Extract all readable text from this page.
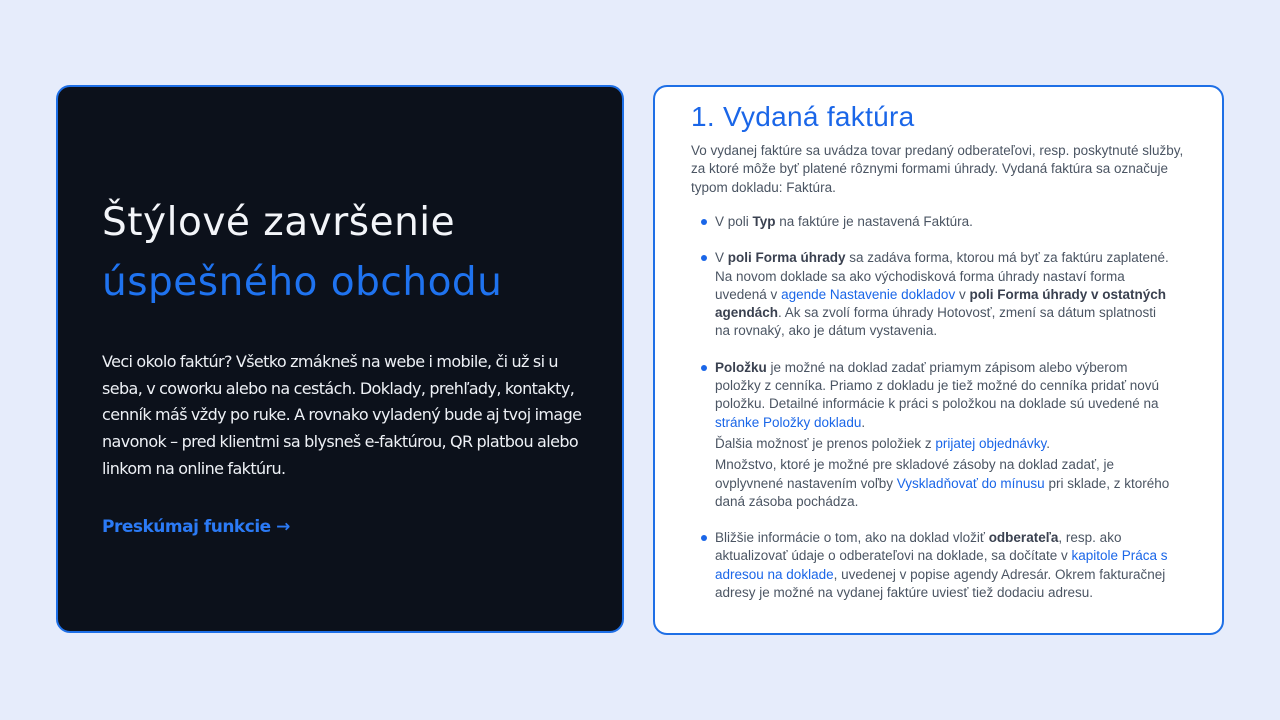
Štýlové završenie
úspešného obchodu

Veci okolo faktúr? Všetko zmákneš na webe i mobile, či už si u seba, v coworku alebo na cestách. Doklady, prehľady, kontakty, cenník máš vždy po ruke. A rovnako vyladený bude aj tvoj image navonok – pred klientmi sa blysneš e-faktúrou, QR platbou alebo linkom na online faktúru.

Preskúmaj funkcie →
1. Vydaná faktúra

Vo vydanej faktúre sa uvádza tovar predaný odberateľovi, resp. poskytnuté služby, za ktoré môže byť platené rôznymi formami úhrady. Vydaná faktúra sa označuje typom dokladu: Faktúra.

V poli Typ na faktúre je nastavená Faktúra.

V poli Forma úhrady sa zadáva forma, ktorou má byť za faktúru zaplatené. Na novom doklade sa ako východisková forma úhrady nastaví forma uvedená v agende Nastavenie dokladov v poli Forma úhrady v ostatných agendách. Ak sa zvolí forma úhrady Hotovosť, zmení sa dátum splatnosti na rovnaký, ako je dátum vystavenia.

Položku je možné na doklad zadať priamym zápisom alebo výberom položky z cenníka. Priamo z dokladu je tiež možné do cenníka pridať novú položku. Detailné informácie k práci s položkou na doklade sú uvedené na stránke Položky dokladu.

Ďalšia možnosť je prenos položiek z prijatej objednávky.

Množstvo, ktoré je možné pre skladové zásoby na doklad zadať, je ovplyvnené nastavením voľby Vyskladňovať do mínusu pri sklade, z ktorého daná zásoba pochádza.

Bližšie informácie o tom, ako na doklad vložiť odberateľa, resp. ako aktualizovať údaje o odberateľovi na doklade, sa dočítate v kapitole Práca s adresou na doklade, uvedenej v popise agendy Adresár. Okrem fakturačnej adresy je možné na vydanej faktúre uviesť tiež dodaciu adresu.
